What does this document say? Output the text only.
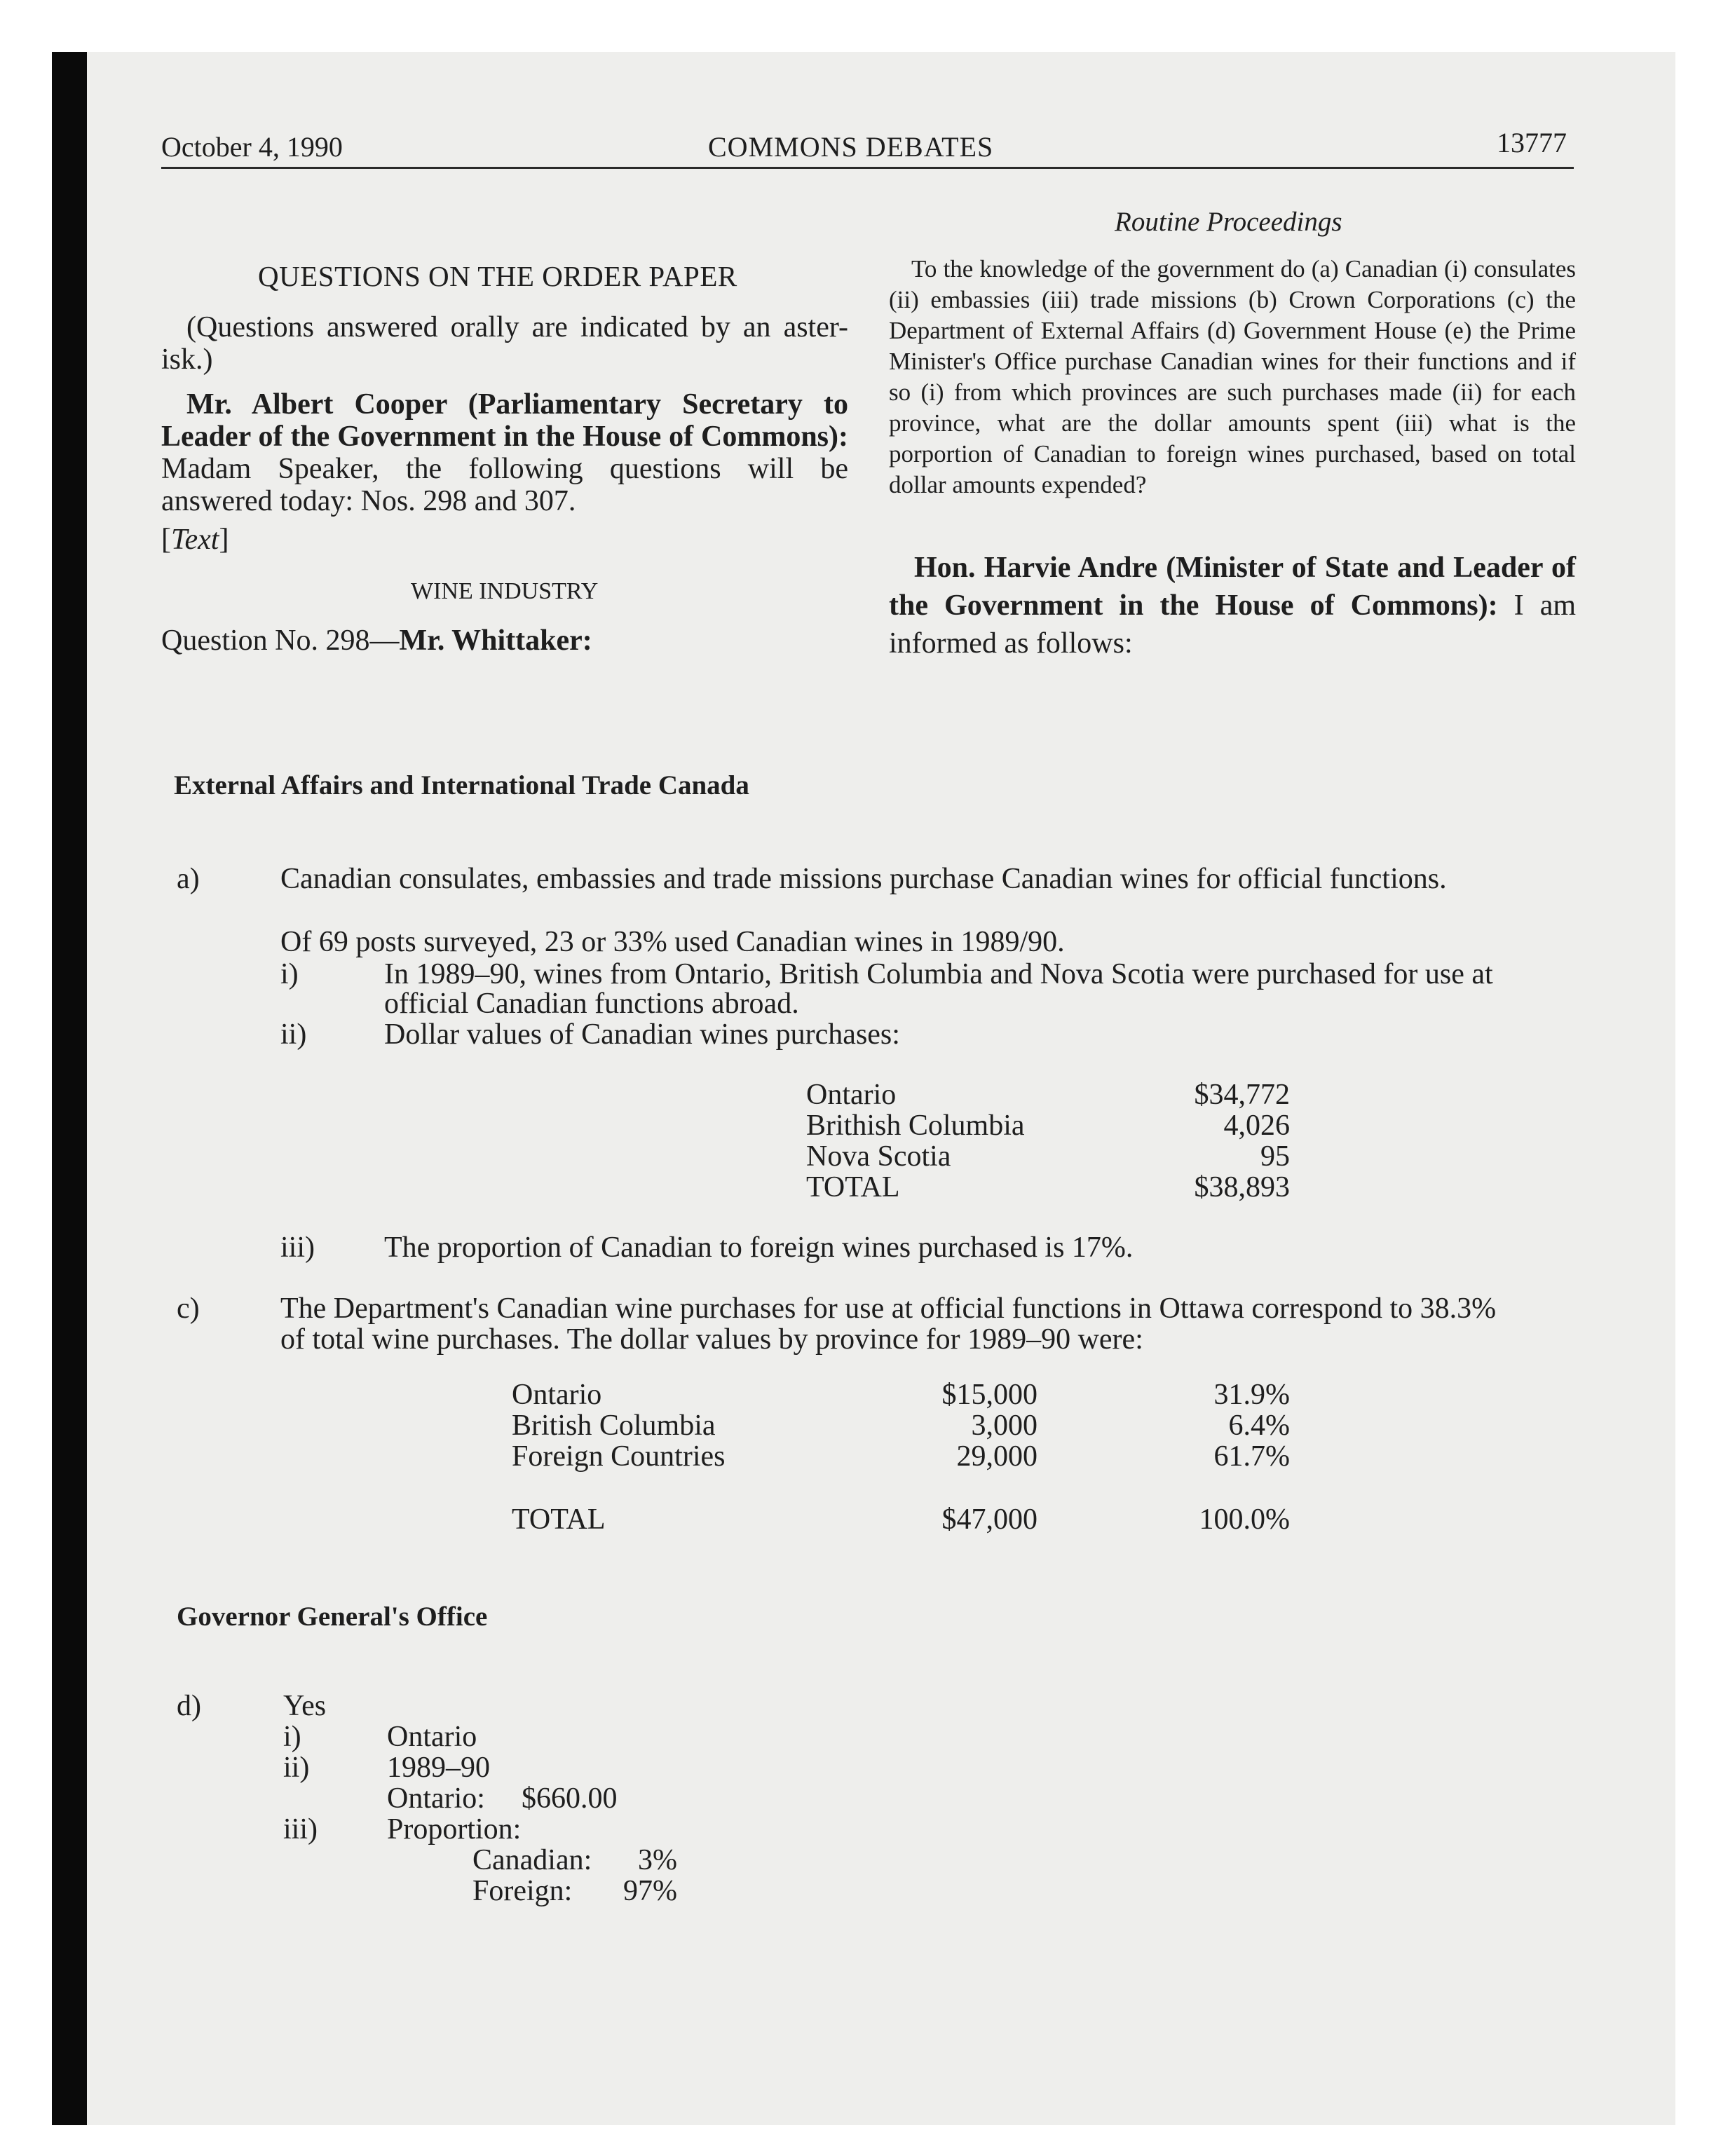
October 4, 1990	COMMONS DEBATES	13777
Routine Proceedings
QUESTIONS ON THE ORDER PAPER
(Questions answered orally are indicated by an aster-isk.)
Mr. Albert Cooper (Parliamentary Secretary to Leader of the Government in the House of Commons): Madam Speaker, the following questions will be answered today: Nos. 298 and 307.
[Text]
WINE INDUSTRY
Question No. 298—Mr. Whittaker:
To the knowledge of the government do (a) Canadian (i) consulates (ii) embassies (iii) trade missions (b) Crown Corporations (c) the Department of External Affairs (d) Government House (e) the Prime Minister's Office purchase Canadian wines for their functions and if so (i) from which provinces are such purchases made (ii) for each province, what are the dollar amounts spent (iii) what is the porportion of Canadian to foreign wines purchased, based on total dollar amounts expended?
Hon. Harvie Andre (Minister of State and Leader of the Government in the House of Commons): I am informed as follows:
External Affairs and International Trade Canada
a)	Canadian consulates, embassies and trade missions purchase Canadian wines for official functions.
Of 69 posts surveyed, 23 or 33% used Canadian wines in 1989/90.
i)	In 1989–90, wines from Ontario, British Columbia and Nova Scotia were purchased for use at
official Canadian functions abroad.
ii)	Dollar values of Canadian wines purchases:
Ontario	$34,772
Brithish Columbia	4,026
Nova Scotia	95
TOTAL	$38,893
iii) The proportion of Canadian to foreign wines purchased is 17%.
c)	The Department's Canadian wine purchases for use at official functions in Ottawa correspond to 38.3%
of total wine purchases. The dollar values by province for 1989–90 were:
Ontario	$15,000	31.9%
British Columbia	3,000	6.4%
Foreign Countries	29,000	61.7%
TOTAL	$47,000	100.0%
Governor General's Office
d)	Yes
i)	Ontario
ii)	1989–90
Ontario: $660.00
iii) Proportion:
Canadian:	3%
Foreign:	97%
